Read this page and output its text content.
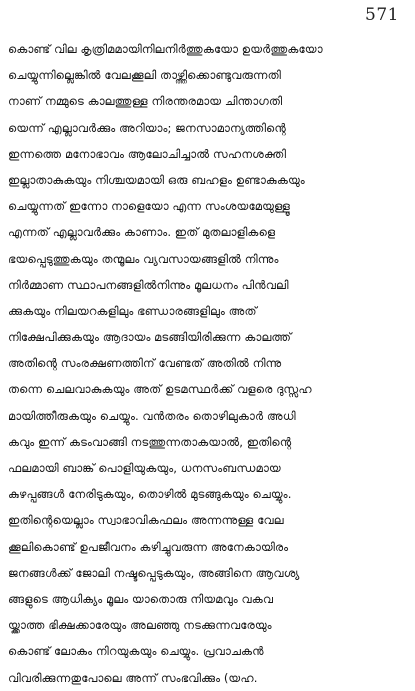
571
കൊണ്ട് വില കൃത്രിമമായിനിലനിർത്തുകയോ ഉയർത്തുകയോ
ചെയ്യുന്നില്ലെങ്കിൽ വേലക്കൂലി താഴ്ത്തിക്കൊണ്ടുവരുന്നതി
നാണ് നമ്മുടെ കാലത്തുള്ള നിരന്തരമായ ചിന്താഗതി
യെന്ന് എല്ലാവർക്കും അറിയാം; ജനസാമാന്യത്തിന്റെ
ഇന്നത്തെ മനോഭാവം ആലോചിച്ചാൽ സഹനശക്തി
ഇല്ലാതാകുകയും നിശ്ചയമായി ഒരു ബഹളം ഉണ്ടാകുകയും
ചെയ്യുന്നത് ഇന്നോ നാളെയോ എന്ന സംശയമേയുള്ളൂ
എന്നത് എല്ലാവർക്കും കാണാം. ഇത് മുതലാളികളെ
ഭയപ്പെടുത്തുകയും തന്മൂലം വ്യവസായങ്ങളിൽ നിന്നും
നിർമ്മാണ സ്ഥാപനങ്ങളിൽനിന്നും മൂലധനം പിൻവലി
ക്കുകയും നിലയറകളിലും ഭണ്ഡാരങ്ങളിലും അത്
നിക്ഷേപിക്കുകയും ആദായം മടങ്ങിയിരിക്കുന്ന കാലത്ത്
അതിന്റെ സംരക്ഷണത്തിന് വേണ്ടത് അതിൽ നിന്നു
തന്നെ ചെലവാകുകയും അത് ഉടമസ്ഥർക്ക് വളരെ ദുസ്സഹ
മായിത്തീരുകയും ചെയ്യും. വൻതരം തൊഴിലുകാർ അധി
കവും ഇന്ന് കടംവാങ്ങി നടത്തുന്നതാകയാൽ, ഇതിന്റെ
ഫലമായി ബാങ്ക് പൊളിയുകയും, ധനസംബന്ധമായ
കുഴപ്പങ്ങൾ നേരിടുകയും, തൊഴിൽ മുടങ്ങുകയും ചെയ്യും.
ഇതിന്റെയെല്ലാം സ്വാഭാവികഫലം അന്നന്നുള്ള വേല
ക്കൂലികൊണ്ട് ഉപജീവനം കഴിച്ചുവരുന്ന അനേകായിരം
ജനങ്ങൾക്ക് ജോലി നഷ്ടപ്പെടുകയും, അങ്ങിനെ ആവശ്യ
ങ്ങളുടെ ആധിക്യം മൂലം യാതൊരു നിയമവും വകവ
യ്ക്കാത്ത ഭിക്ഷക്കാരേയും അലഞ്ഞു നടക്കുന്നവരേയും
കൊണ്ട് ലോകം നിറയുകയും ചെയ്യും. പ്രവാചകൻ
വിവരിക്കുന്നതുപോലെ അന്ന് സംഭവിക്കും (യഹ.
